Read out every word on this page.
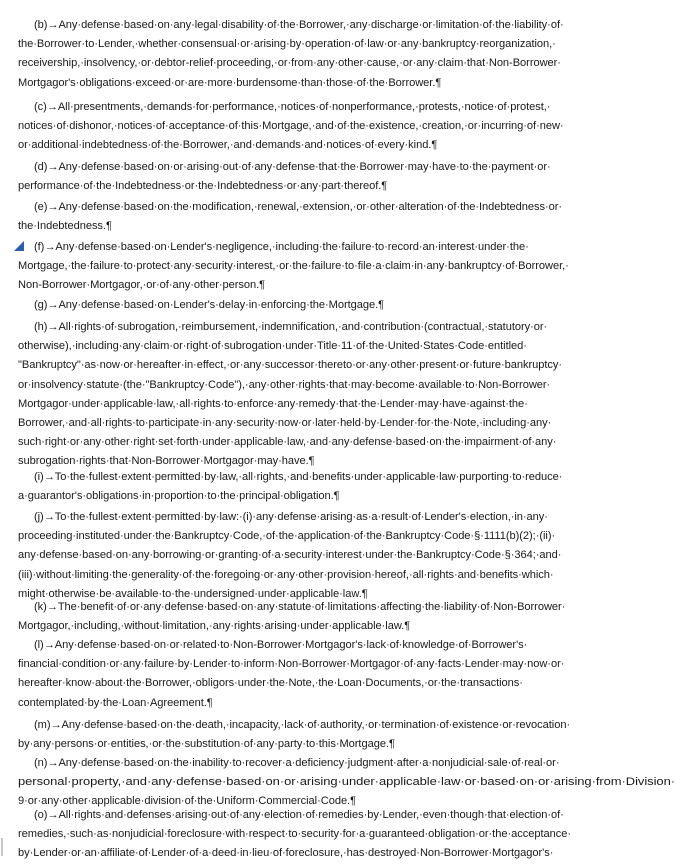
(b)→Any·defense·based·on·any·legal·disability·of·the·Borrower,·any·discharge·or·limitation·of·the·liability·of·
the·Borrower·to·Lender,·whether·consensual·or·arising·by·operation·of·law·or·any·bankruptcy·reorganization,·
receivership,·insolvency,·or·debtor-relief·proceeding,·or·from·any·other·cause,·or·any·claim·that·Non-Borrower·
Mortgagor's·obligations·exceed·or·are·more·burdensome·than·those·of·the·Borrower.¶
(c)→All·presentments,·demands·for·performance,·notices·of·nonperformance,·protests,·notice·of·protest,·
notices·of·dishonor,·notices·of·acceptance·of·this·Mortgage,·and·of·the·existence,·creation,·or·incurring·of·new·
or·additional·indebtedness·of·the·Borrower,·and·demands·and·notices·of·every·kind.¶
(d)→Any·defense·based·on·or·arising·out·of·any·defense·that·the·Borrower·may·have·to·the·payment·or·
performance·of·the·Indebtedness·or·the·Indebtedness·or·any·part·thereof.¶
(e)→Any·defense·based·on·the·modification,·renewal,·extension,·or·other·alteration·of·the·Indebtedness·or·
the·Indebtedness.¶
(f)→Any·defense·based·on·Lender's·negligence,·including·the·failure·to·record·an·interest·under·the·
Mortgage,·the·failure·to·protect·any·security·interest,·or·the·failure·to·file·a·claim·in·any·bankruptcy·of·Borrower,·
Non-Borrower·Mortgagor,·or·of·any·other·person.¶
(g)→Any·defense·based·on·Lender's·delay·in·enforcing·the·Mortgage.¶
(h)→All·rights·of·subrogation,·reimbursement,·indemnification,·and·contribution·(contractual,·statutory·or·
otherwise),·including·any·claim·or·right·of·subrogation·under·Title·11·of·the·United·States·Code·entitled·
"Bankruptcy"·as·now·or·hereafter·in·effect,·or·any·successor·thereto·or·any·other·present·or·future·bankruptcy·
or·insolvency·statute·(the·"Bankruptcy·Code"),·any·other·rights·that·may·become·available·to·Non-Borrower·
Mortgagor·under·applicable·law,·all·rights·to·enforce·any·remedy·that·the·Lender·may·have·against·the·
Borrower,·and·all·rights·to·participate·in·any·security·now·or·later·held·by·Lender·for·the·Note,·including·any·
such·right·or·any·other·right·set·forth·under·applicable·law,·and·any·defense·based·on·the·impairment·of·any·
subrogation·rights·that·Non-Borrower·Mortgagor·may·have.¶
(i)→To·the·fullest·extent·permitted·by·law,·all·rights,·and·benefits·under·applicable·law·purporting·to·reduce·
a·guarantor's·obligations·in·proportion·to·the·principal·obligation.¶
(j)→To·the·fullest·extent·permitted·by·law:·(i)·any·defense·arising·as·a·result·of·Lender's·election,·in·any·
proceeding·instituted·under·the·Bankruptcy·Code,·of·the·application·of·the·Bankruptcy·Code·§·1111(b)(2);·(ii)·
any·defense·based·on·any·borrowing·or·granting·of·a·security·interest·under·the·Bankruptcy·Code·§·364;·and·
(iii)·without·limiting·the·generality·of·the·foregoing·or·any·other·provision·hereof,·all·rights·and·benefits·which·
might·otherwise·be·available·to·the·undersigned·under·applicable·law.¶
(k)→The·benefit·of·or·any·defense·based·on·any·statute·of·limitations·affecting·the·liability·of·Non-Borrower·
Mortgagor,·including,·without·limitation,·any·rights·arising·under·applicable·law.¶
(l)→Any·defense·based·on·or·related·to·Non-Borrower·Mortgagor's·lack·of·knowledge·of·Borrower's·
financial·condition·or·any·failure·by·Lender·to·inform·Non-Borrower·Mortgagor·of·any·facts·Lender·may·now·or·
hereafter·know·about·the·Borrower,·obligors·under·the·Note,·the·Loan·Documents,·or·the·transactions·
contemplated·by·the·Loan·Agreement.¶
(m)→Any·defense·based·on·the·death,·incapacity,·lack·of·authority,·or·termination·of·existence·or·revocation·
by·any·persons·or·entities,·or·the·substitution·of·any·party·to·this·Mortgage.¶
(n)→Any·defense·based·on·the·inability·to·recover·a·deficiency·judgment·after·a·nonjudicial·sale·of·real·or·
personal·property,·and·any·defense·based·on·or·arising·under·applicable·law·or·based·on·or·arising·from·Division·
9·or·any·other·applicable·division·of·the·Uniform·Commercial·Code.¶
(o)→All·rights·and·defenses·arising·out·of·any·election·of·remedies·by·Lender,·even·though·that·election·of·
remedies,·such·as·nonjudicial·foreclosure·with·respect·to·security·for·a·guaranteed·obligation·or·the·acceptance·
by·Lender·or·an·affiliate·of·Lender·of·a·deed·in·lieu·of·foreclosure,·has·destroyed·Non-Borrower·Mortgagor's·
